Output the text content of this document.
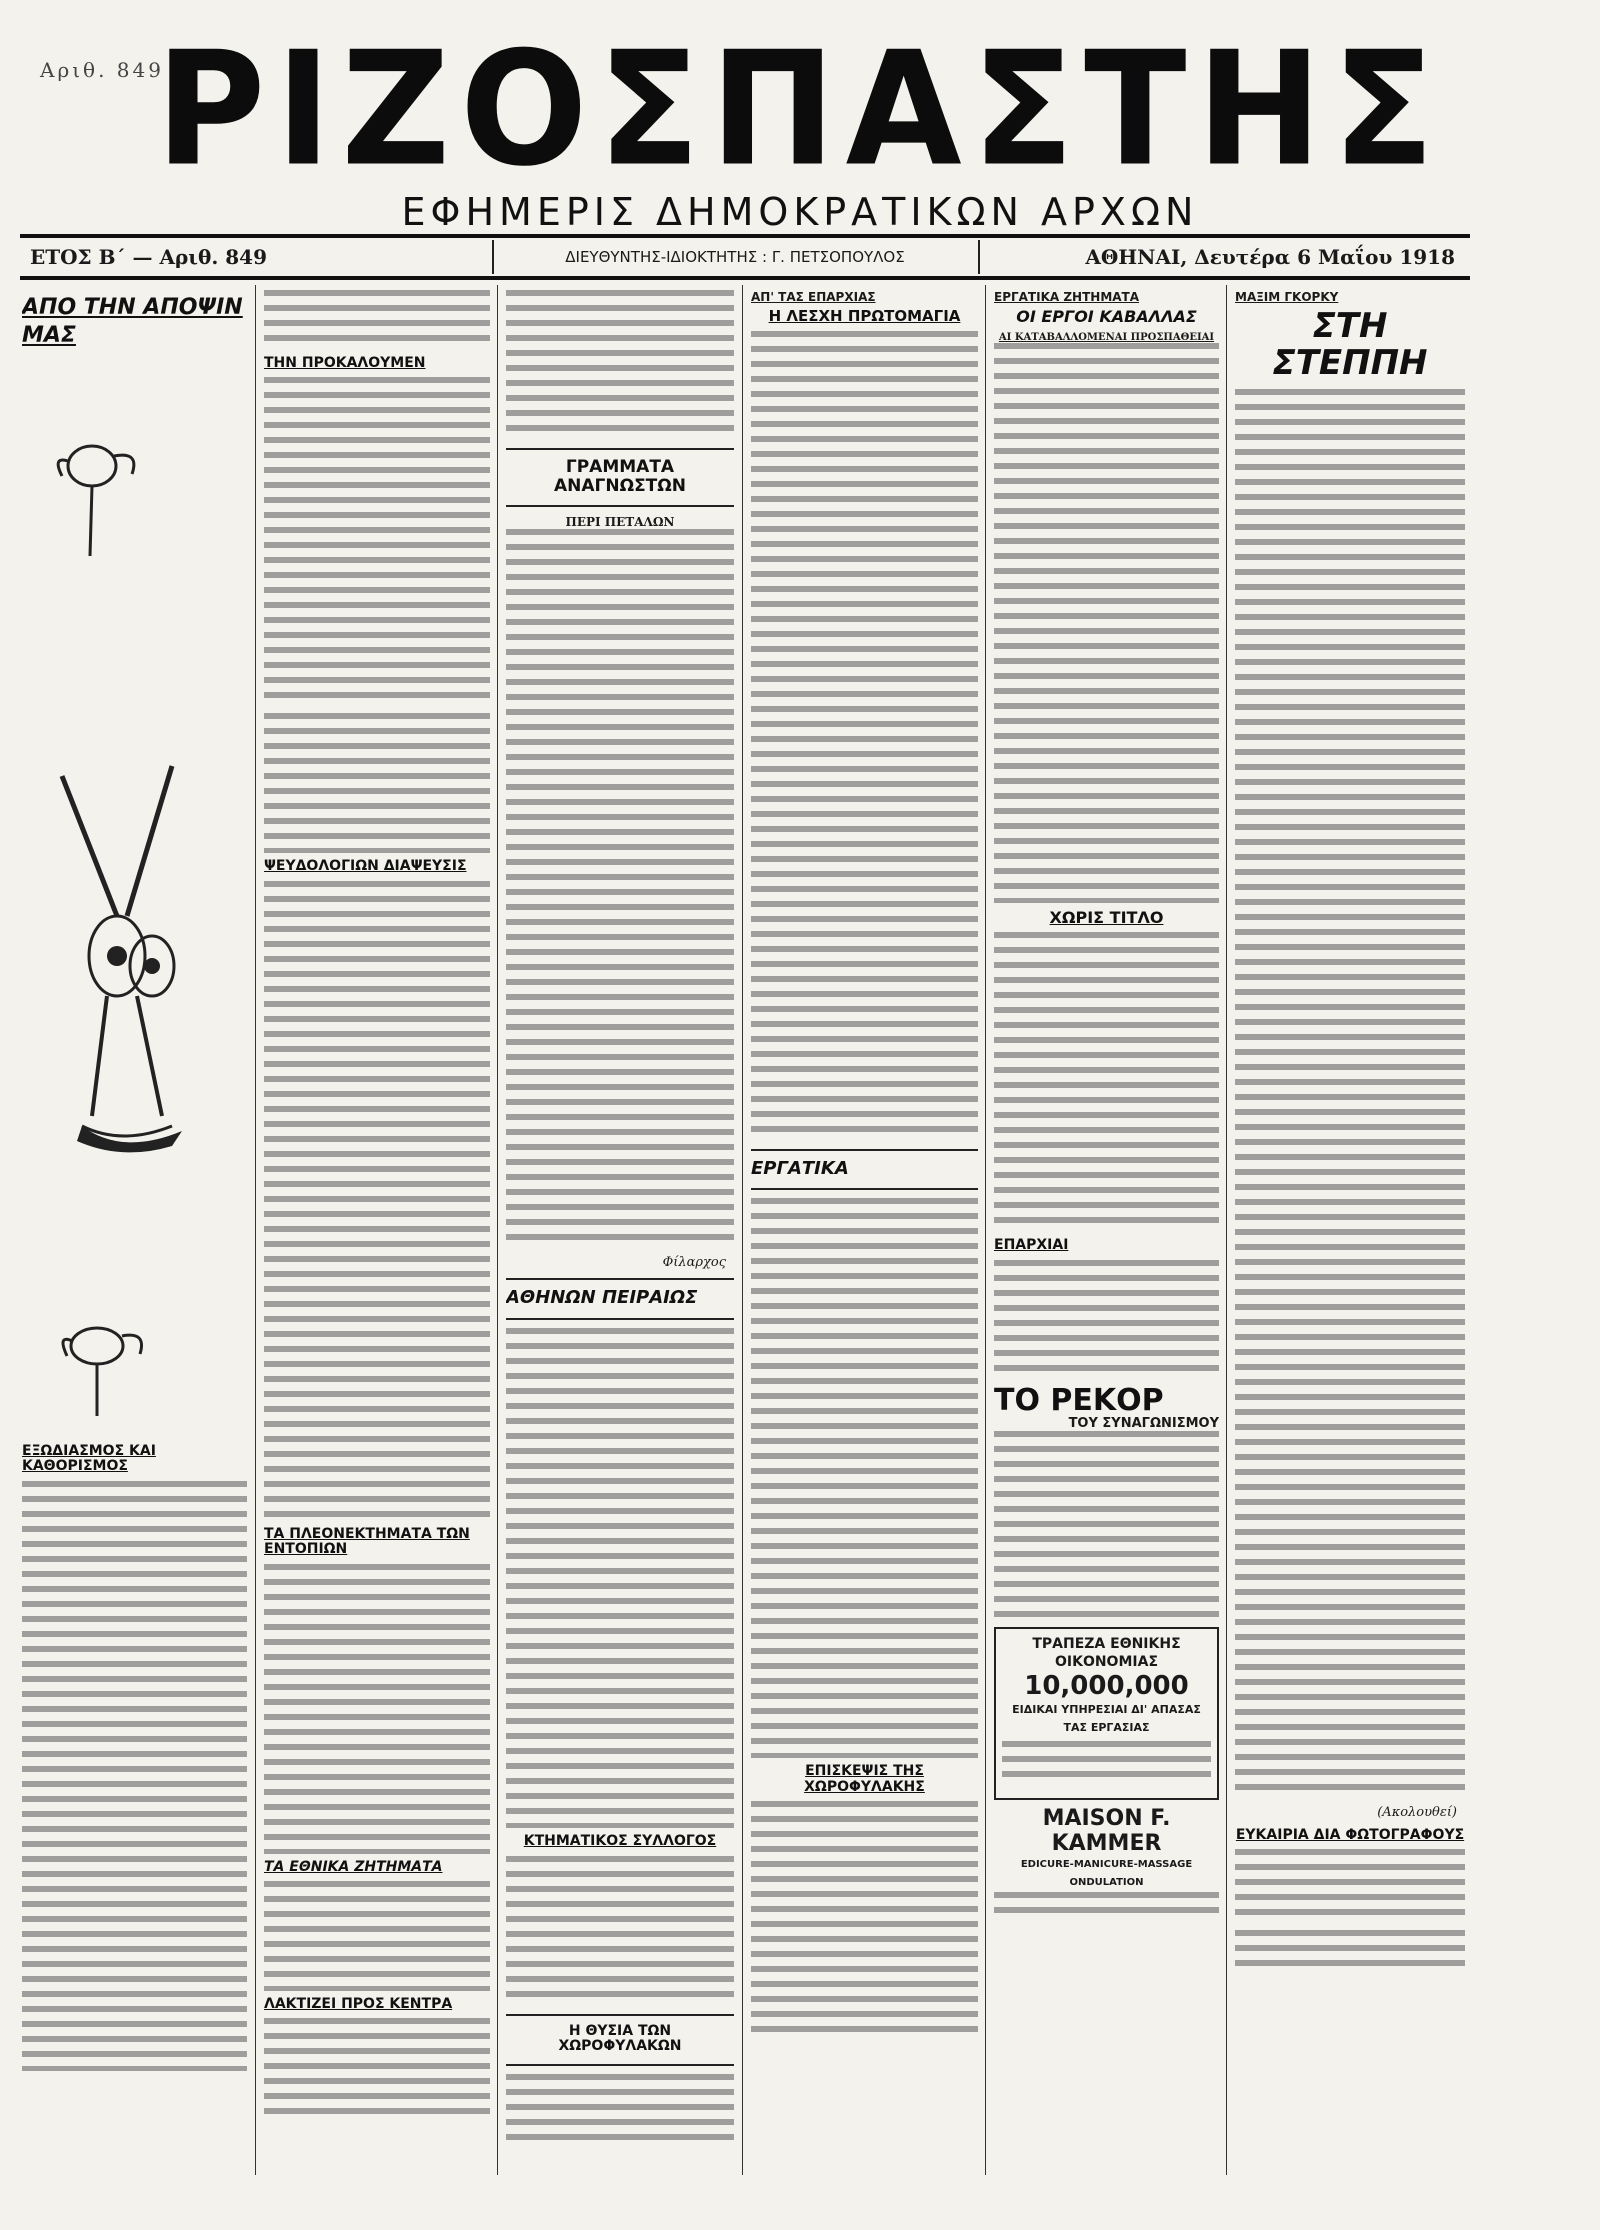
Αριθ. 849
ΡΙΖΟΣΠΑΣΤΗΣ
ΕΦΗΜΕΡΙΣ ΔΗΜΟΚΡΑΤΙΚΩΝ ΑΡΧΩΝ
ΕΤΟΣ Β΄ — Αριθ. 849	ΔΙΕΥΘΥΝΤΗΣ-ΙΔΙΟΚΤΗΤΗΣ : Γ. ΠΕΤΣΟΠΟΥΛΟΣ	ΑΘΗΝΑΙ, Δευτέρα 6 Μαΐου 1918
ΑΠΟ ΤΗΝ ΑΠΟΨΙΝ ΜΑΣ
ΕΞΩΔΙΑΣΜΟΣ ΚΑΙ ΚΑΘΟΡΙΣΜΟΣ
ΤΗΝ ΠΡΟΚΑΛΟΥΜΕΝ
ΨΕΥΔΟΛΟΓΙΩΝ ΔΙΑΨΕΥΣΙΣ
ΤΑ ΠΛΕΟΝΕΚΤΗΜΑΤΑ ΤΩΝ ΕΝΤΟΠΙΩΝ
ΤΑ ΕΘΝΙΚΑ ΖΗΤΗΜΑΤΑ
ΛΑΚΤΙΖΕΙ ΠΡΟΣ ΚΕΝΤΡΑ
ΓΡΑΜΜΑΤΑ ΑΝΑΓΝΩΣΤΩΝ
ΠΕΡΙ ΠΕΤΑΛΩΝ
Φίλαρχος
ΑΘΗΝΩΝ ΠΕΙΡΑΙΩΣ
ΚΤΗΜΑΤΙΚΟΣ ΣΥΛΛΟΓΟΣ
Η ΘΥΣΙΑ ΤΩΝ ΧΩΡΟΦΥΛΑΚΩΝ
ΑΠ' ΤΑΣ ΕΠΑΡΧΙΑΣ
Η ΛΕΣΧΗ ΠΡΩΤΟΜΑΓΙΑ
ΕΡΓΑΤΙΚΑ
ΕΠΙΣΚΕΨΙΣ ΤΗΣ ΧΩΡΟΦΥΛΑΚΗΣ
ΕΡΓΑΤΙΚΑ ΖΗΤΗΜΑΤΑ
ΟΙ ΕΡΓΟΙ ΚΑΒΑΛΛΑΣ
ΑΙ ΚΑΤΑΒΑΛΛΟΜΕΝΑΙ ΠΡΟΣΠΑΘΕΙΑΙ
ΧΩΡΙΣ ΤΙΤΛΟ
ΕΠΑΡΧΙΑΙ
ΤΟ ΡΕΚΟΡ
ΤΟΥ ΣΥΝΑΓΩΝΙΣΜΟΥ
ΤΡΑΠΕΖΑ ΕΘΝΙΚΗΣ ΟΙΚΟΝΟΜΙΑΣ
10,000,000
ΕΙΔΙΚΑΙ ΥΠΗΡΕΣΙΑΙ ΔΙ' ΑΠΑΣΑΣ ΤΑΣ ΕΡΓΑΣΙΑΣ
MAISON F. KAMMER
EDICURE-MANICURE-MASSAGE ONDULATION
ΜΑΞΙΜ ΓΚΟΡΚΥ
ΣΤΗ ΣΤΕΠΠΗ
(Ακολουθεί)
ΕΥΚΑΙΡΙΑ ΔΙΑ ΦΩΤΟΓΡΑΦΟΥΣ
